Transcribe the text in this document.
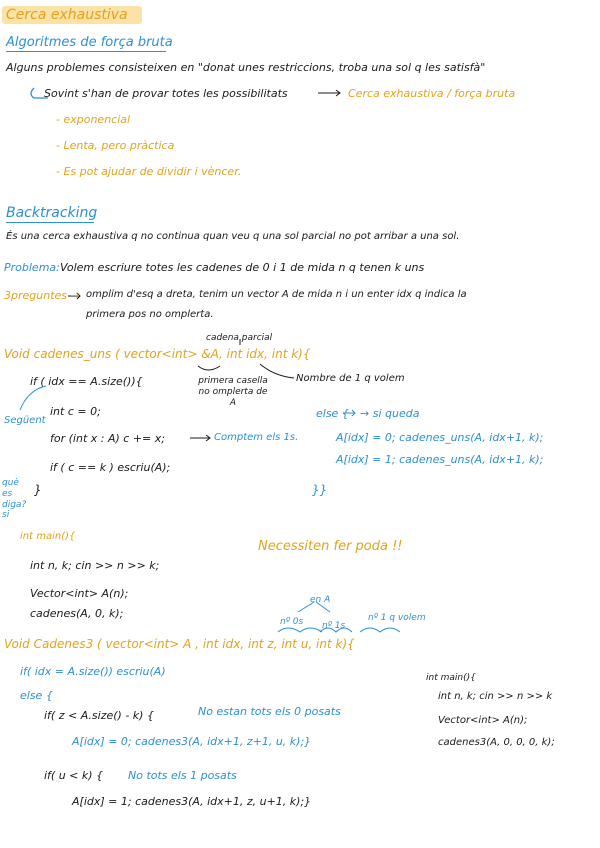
Cerca exhaustiva
Algoritmes de força bruta
Alguns problemes consisteixen en "donat unes restriccions, troba una sol q les satisfà"
Sovint s'han de provar totes les possibilitats	Cerca exhaustiva / força bruta
- exponencial
- Lenta, pero pràctica
- Es pot ajudar de dividir i vèncer.
Backtracking
És una cerca exhaustiva q no continua quan veu q una sol parcial no pot arribar a una sol.
Problema: Volem escriure totes les cadenes de 0 i 1 de mida n q tenen k uns
3preguntes → omplim d'esq a dreta, tenim un vector A de mida n i un enter idx q indica la
primera pos no omplerta.
cadena parcial
Void cadenes_uns ( vector<int> &A, int idx, int k){
if ( idx == A.size()){	primera casella no omplerta de A
Nombre de 1 q volem
Següent
int c = 0;
for (int x : A) c += x;	Comptem els 1s.
if ( c == k ) escriu(A);
què es diga? si
}
else { → si queda
A[idx] = 0; cadenes_uns(A, idx+1, k);
A[idx] = 1; cadenes_uns(A, idx+1, k);
}}
int main(){
int n, k; cin >> n >> k;
Vector<int> A(n);
cadenes(A, 0, k);
Necessiten fer poda !!
en A
nº 0s nº 1s
nº 1 q volem
Void Cadenes3 ( vector<int> A , int idx, int z, int u, int k){
if( idx = A.size()) escriu(A)
else {
if( z < A.size() - k) {	No estan tots els 0 posats
A[idx] = 0; cadenes3(A, idx+1, z+1, u, k);}
if( u < k) { No tots els 1 posats
A[idx] = 1; cadenes3(A, idx+1, z, u+1, k);}
int main(){
int n, k; cin >> n >> k
Vector<int> A(n);
cadenes3(A, 0, 0, 0, k);
